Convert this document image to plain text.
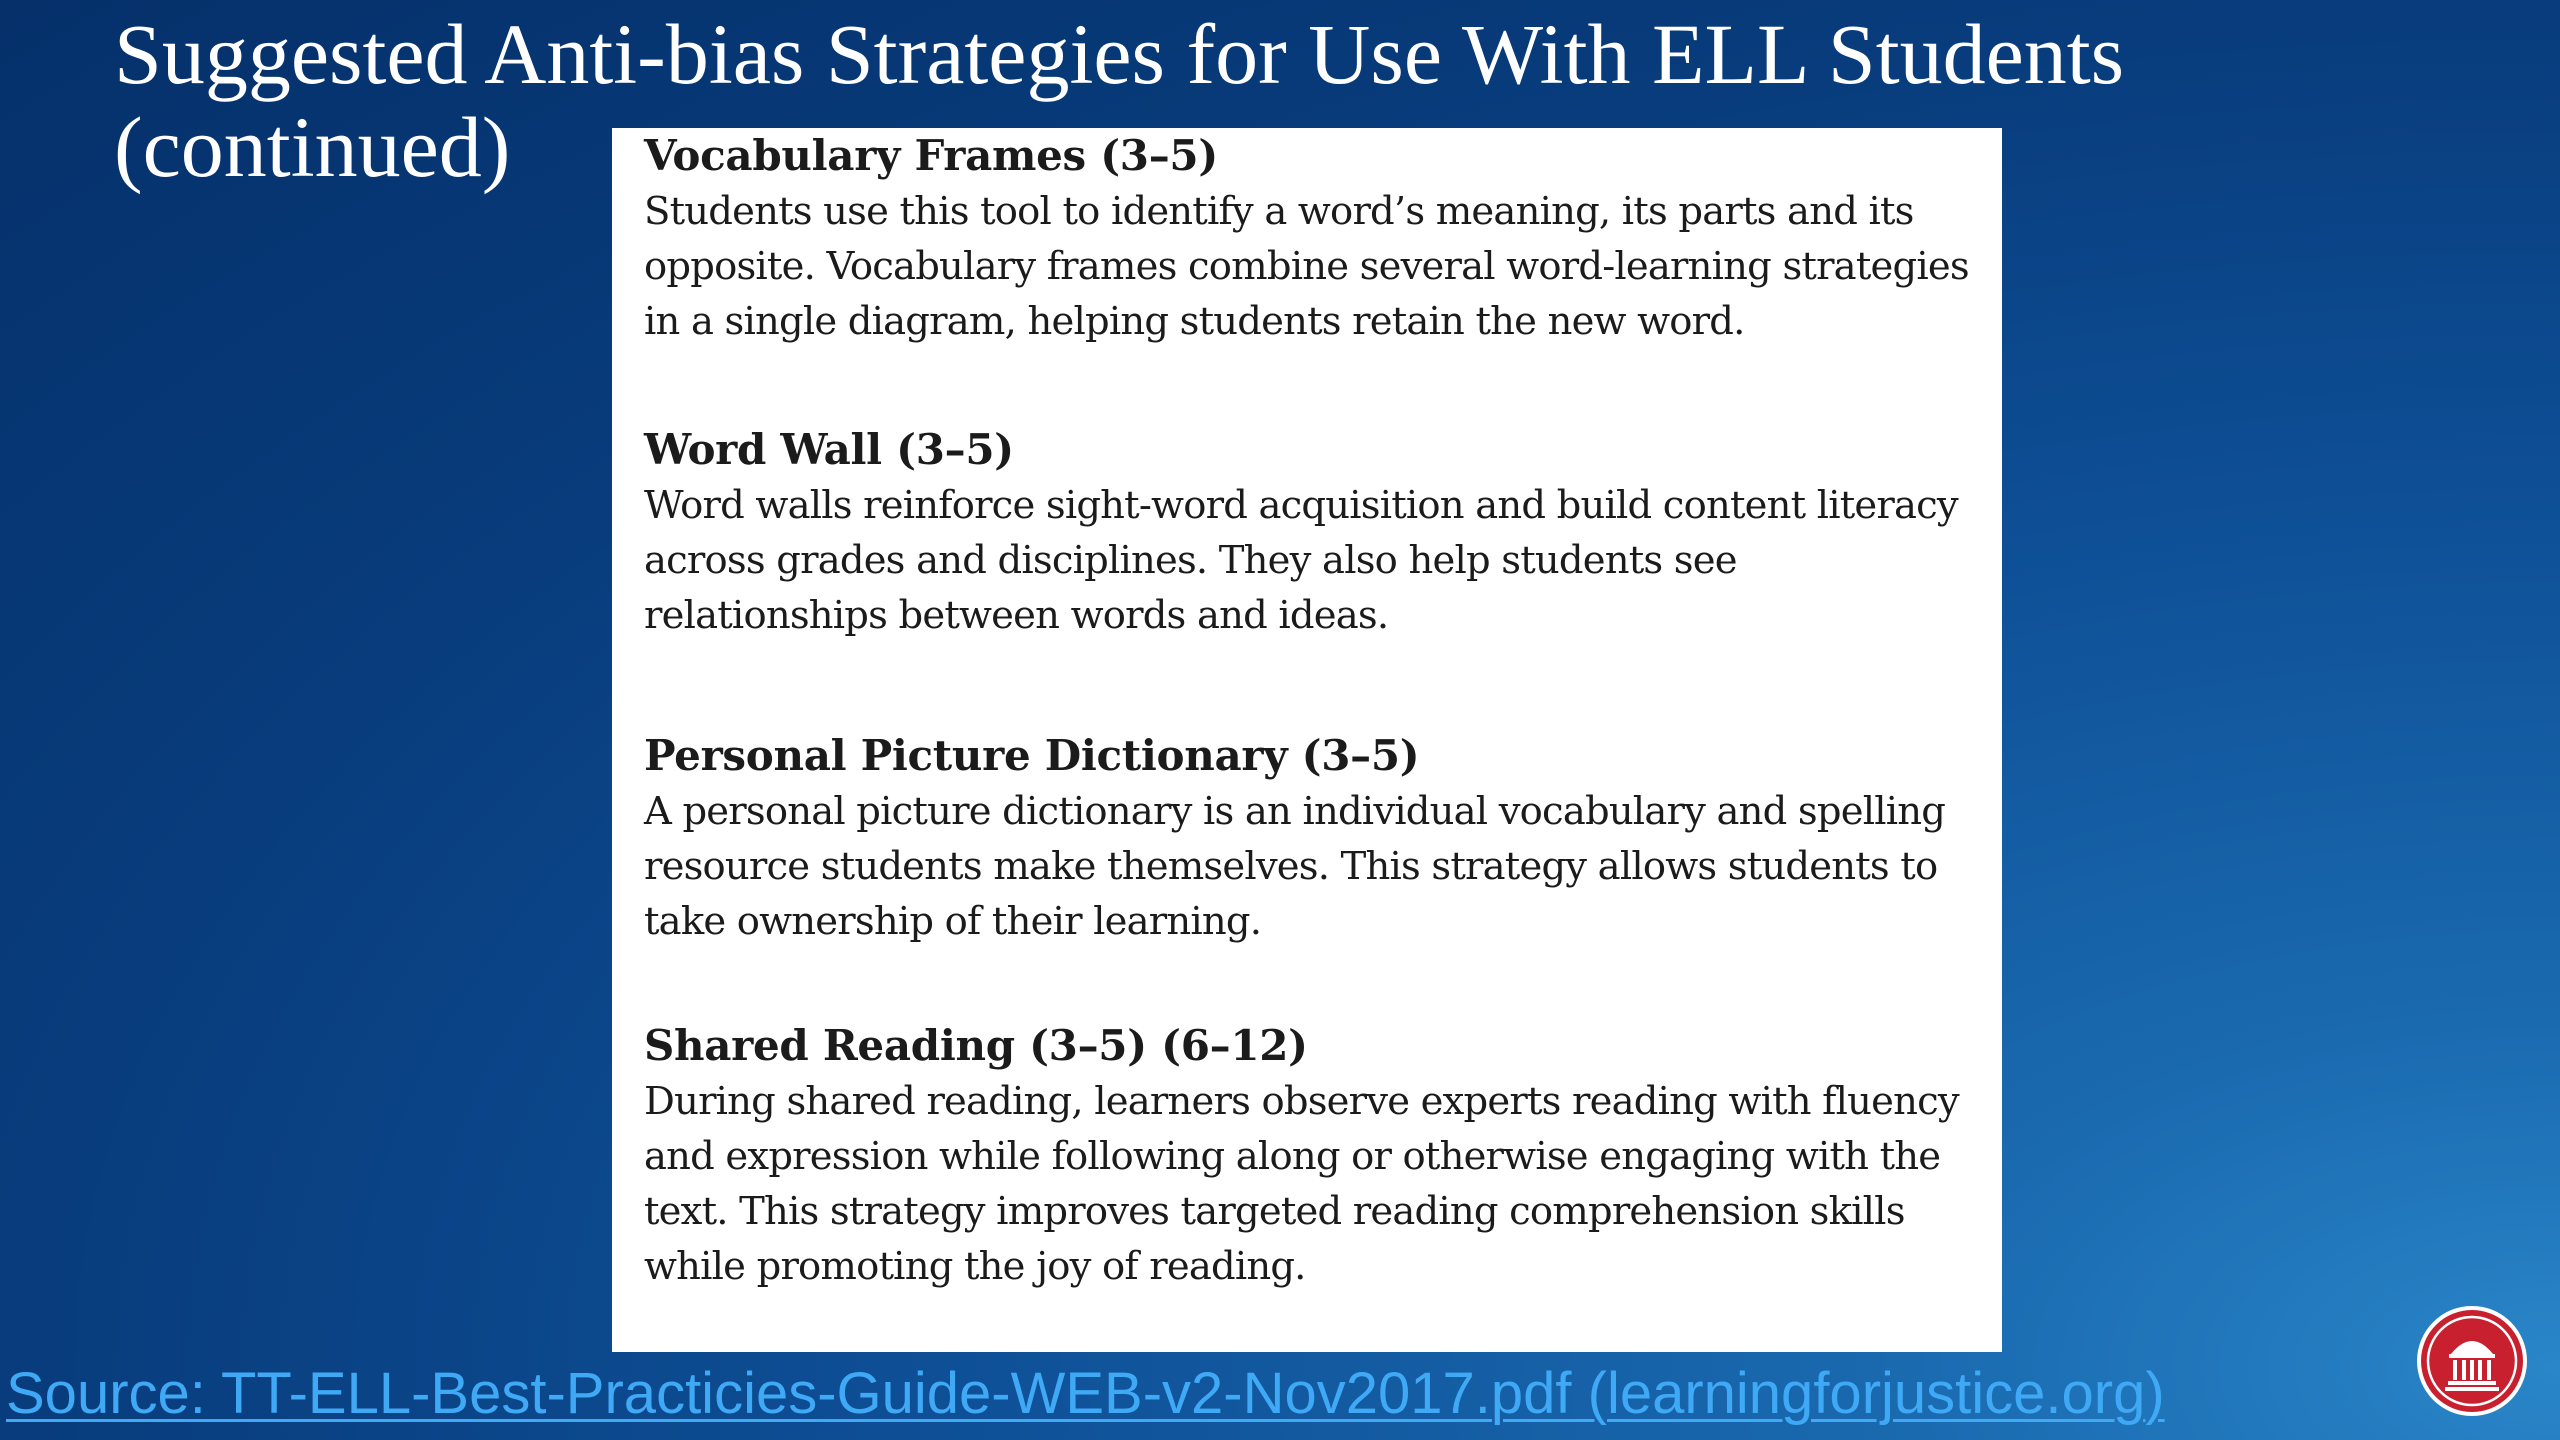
Suggested Anti-bias Strategies for Use With ELL Students (continued)	Vocabulary Frames (3–5)

Students use this tool to identify a word’s meaning, its parts and its opposite. Vocabulary frames combine several word-learning strategies in a single diagram, helping students retain the new word.

Word Wall (3–5)

Word walls reinforce sight-word acquisition and build content literacy across grades and disciplines. They also help students see relationships between words and ideas.

Personal Picture Dictionary (3–5)

A personal picture dictionary is an individual vocabulary and spelling resource students make themselves. This strategy allows students to take ownership of their learning.

Shared Reading (3–5) (6–12)

During shared reading, learners observe experts reading with fluency and expression while following along or otherwise engaging with the text. This strategy improves targeted reading comprehension skills while promoting the joy of reading.

Source: TT-ELL-Best-Practicies-Guide-WEB-v2-Nov2017.pdf (learningforjustice.org)
